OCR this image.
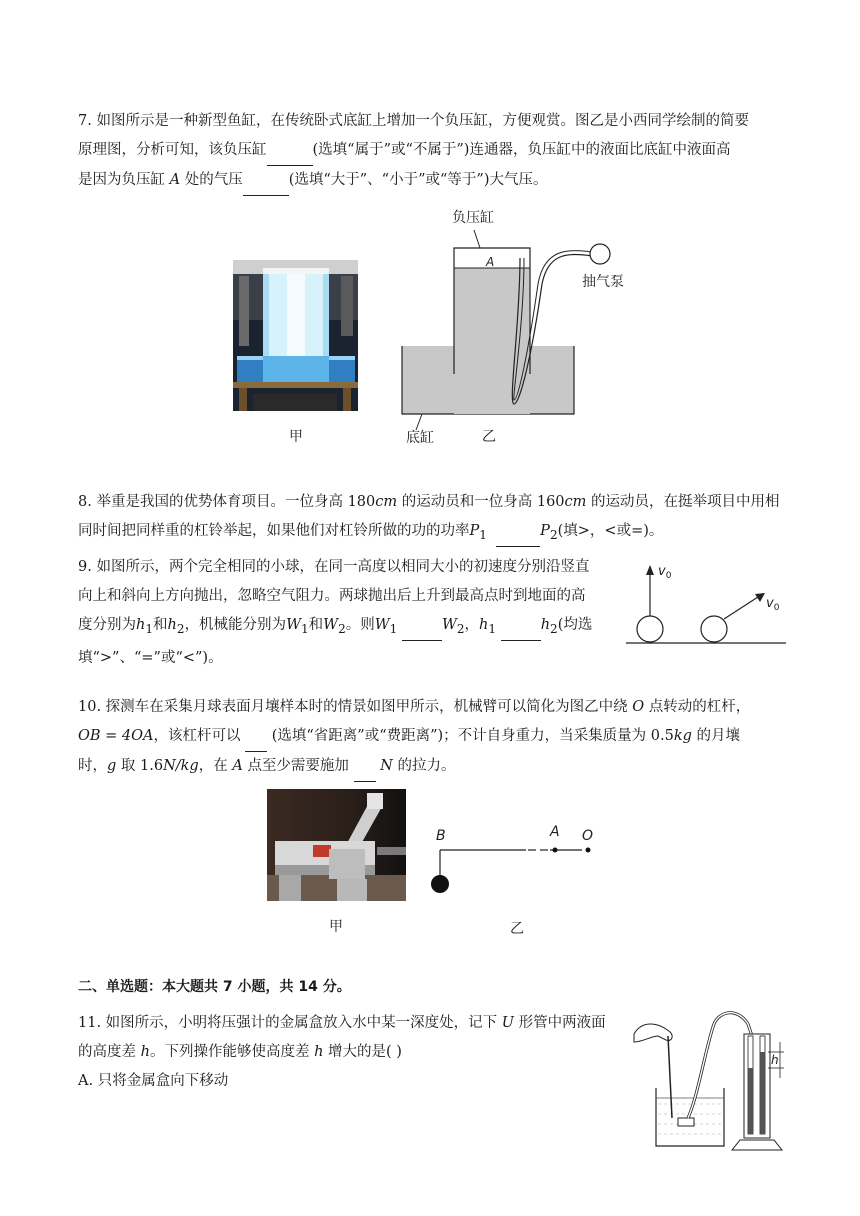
7. 如图所示是一种新型鱼缸，在传统卧式底缸上增加一个负压缸，方便观赏。图乙是小西同学绘制的简要

原理图，分析可知，该负压缸	(选填“属于”或“不属于”)连通器，负压缸中的液面比底缸中液面高

是因为负压缸 A 处的气压	(选填“大于”、“小于”或“等于”)大气压。

甲
负压缸
A
抽气泵
底缸	乙

8. 举重是我国的优势体育项目。一位身高 180cm 的运动员和一位身高 160cm 的运动员，在挺举项目中用相

同时间把同样重的杠铃举起，如果他们对杠铃所做的功的功率$P_1$	$P_2$(填>，<或=)。

9. 如图所示，两个完全相同的小球，在同一高度以相同大小的初速度分别沿竖直

向上和斜向上方向抛出，忽略空气阻力。两球抛出后上升到最高点时到地面的高

度分别为$h_1$和$h_2$，机械能分别为$W_1$和$W_2$。则$W_1$	$W_2$，$h_1$	$h_2$(均选

填“>”、“=”或“<”)。

$v_0$
$v_0$

10. 探测车在采集月球表面月壤样本时的情景如图甲所示，机械臂可以简化为图乙中绕 O 点转动的杠杆，

OB = 4OA，该杠杆可以 (选填“省距离”或“费距离”)；不计自身重力，当采集质量为 0.5kg 的月壤

时，g 取 1.6N/kg，在 A 点至少需要施加 N 的拉力。

甲
B	A O
乙
二、单选题：本大题共 7 小题，共 14 分。

11. 如图所示，小明将压强计的金属盒放入水中某一深度处，记下 U 形管中两液面

的高度差 h。下列操作能够使高度差 h 增大的是( )

A. 只将金属盒向下移动

h
